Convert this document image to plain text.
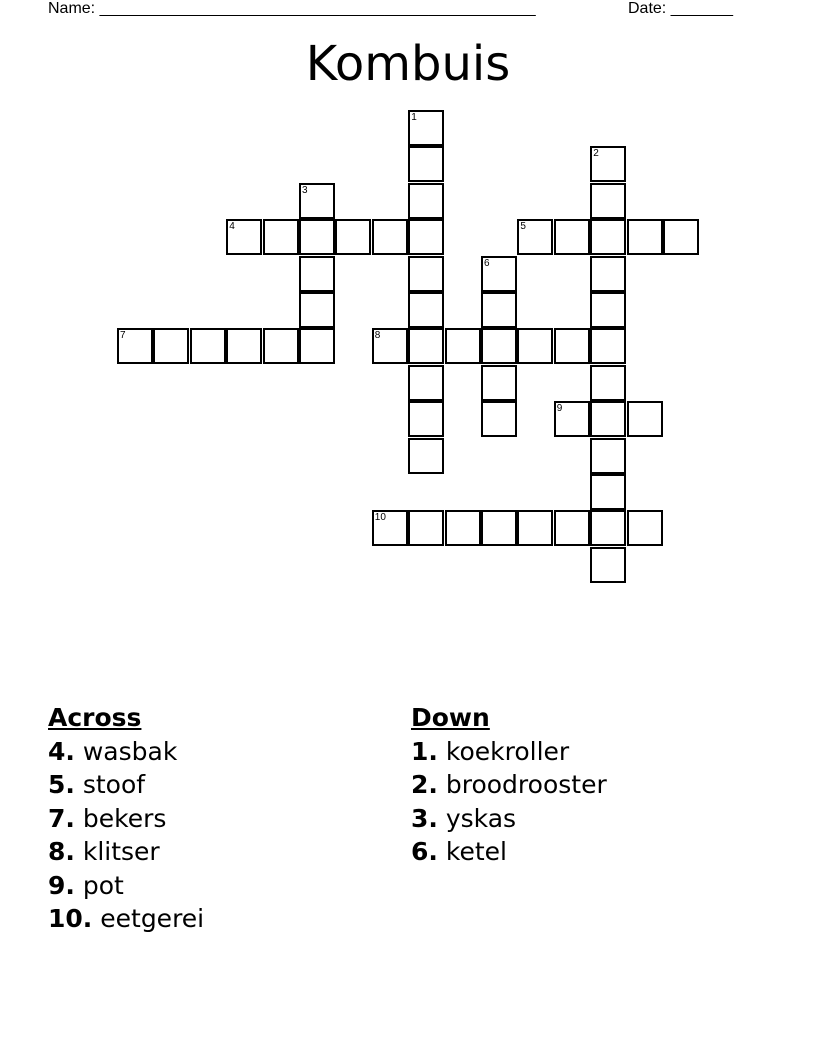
Name: _________________________________________________	Date: _______
Kombuis
1
2
3
4	5
6
7	8
9
10
Across
4. wasbak
5. stoof
7. bekers
8. klitser
9. pot
10. eetgerei
Down
1. koekroller
2. broodrooster
3. yskas
6. ketel
